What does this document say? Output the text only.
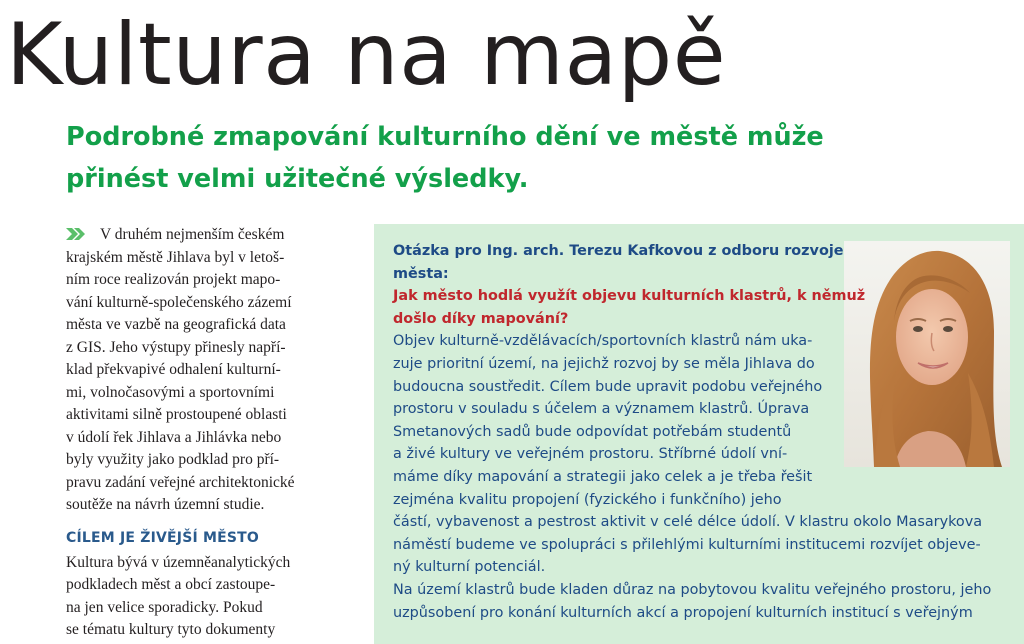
Kultura na mapě
Podrobné zmapování kulturního dění ve městě může
přinést velmi užitečné výsledky.

V druhém nejmenším českém
krajském městě Jihlava byl v letoš-
ním roce realizován projekt mapo-
vání kulturně-společenského zázemí
města ve vazbě na geografická data
z GIS. Jeho výstupy přinesly napří-
klad překvapivé odhalení kulturní-
mi, volnočasovými a sportovními
aktivitami silně prostoupené oblasti
v údolí řek Jihlava a Jihlávka nebo
byly využity jako podklad pro pří-
pravu zadání veřejné architektonické
soutěže na návrh územní studie.

CÍLEM JE ŽIVĚJŠÍ MĚSTO

Kultura bývá v územněanalytických
podkladech měst a obcí zastoupe-
na jen velice sporadicky. Pokud
se tématu kultury tyto dokumenty

Otázka pro Ing. arch. Terezu Kafkovou z odboru rozvoje
města:
Jak město hodlá využít objevu kulturních klastrů, k němuž
došlo díky mapování?
Objev kulturně-vzdělávacích/sportovních klastrů nám uka-
zuje prioritní území, na jejichž rozvoj by se měla Jihlava do
budoucna soustředit. Cílem bude upravit podobu veřejného
prostoru v souladu s účelem a významem klastrů. Úprava
Smetanových sadů bude odpovídat potřebám studentů
a živé kultury ve veřejném prostoru. Stříbrné údolí vní-
máme díky mapování a strategii jako celek a je třeba řešit
zejména kvalitu propojení (fyzického i funkčního) jeho
částí, vybavenost a pestrost aktivit v celé délce údolí. V klastru okolo Masarykova
náměstí budeme ve spolupráci s přilehlými kulturními institucemi rozvíjet objeve-
ný kulturní potenciál.
Na území klastrů bude kladen důraz na pobytovou kvalitu veřejného prostoru, jeho
uzpůsobení pro konání kulturních akcí a propojení kulturních institucí s veřejným
